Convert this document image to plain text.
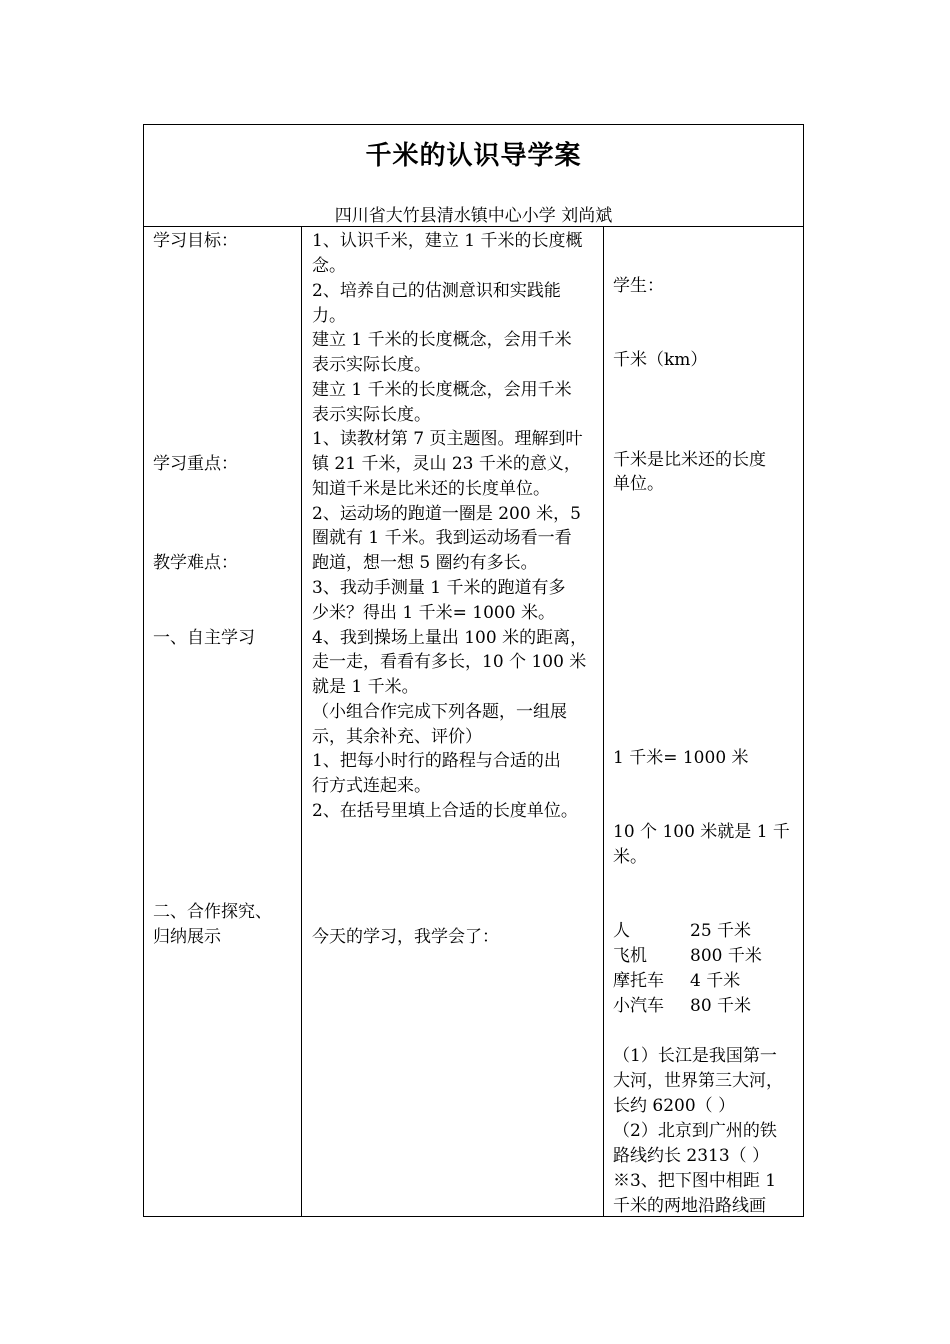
千米的认识导学案
四川省大竹县清水镇中心小学 刘尚斌
学习目标：
学习重点：
教学难点：
一、自主学习
二、合作探究、
归纳展示
1、认识千米，建立 1 千米的长度概
念。
2、培养自己的估测意识和实践能
力。
建立 1 千米的长度概念，会用千米
表示实际长度。
建立 1 千米的长度概念，会用千米
表示实际长度。
1、读教材第 7 页主题图。理解到叶
镇 21 千米，灵山 23 千米的意义，
知道千米是比米还的长度单位。
2、运动场的跑道一圈是 200 米，5
圈就有 1 千米。我到运动场看一看
跑道，想一想 5 圈约有多长。
3、我动手测量 1 千米的跑道有多
少米？得出 1 千米= 1000 米。
4、我到操场上量出 100 米的距离，
走一走，看看有多长，10 个 100 米
就是 1 千米。
（小组合作完成下列各题，一组展
示，其余补充、评价）
1、把每小时行的路程与合适的出
行方式连起来。
2、在括号里填上合适的长度单位。
今天的学习，我学会了：
学生：
千米（km）
千米是比米还的长度
单位。
1 千米= 1000 米
10 个 100 米就是 1 千
米。
人	25 千米
飞机	800 千米
摩托车 4 千米
小汽车 80 千米
（1）长江是我国第一
大河，世界第三大河，
长约 6200（ ）
（2）北京到广州的铁
路线约长 2313（ ）
※3、把下图中相距 1
千米的两地沿路线画
